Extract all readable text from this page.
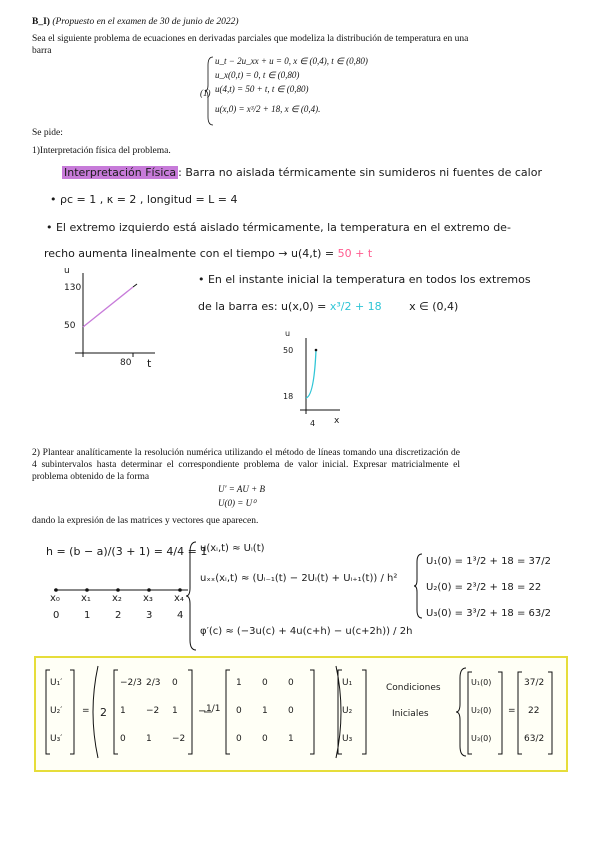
B_I) (Propuesto en el examen de 30 de junio de 2022)
Sea el siguiente problema de ecuaciones en derivadas parciales que modeliza la distribución de temperatura en una barra
(1)
u_t − 2u_xx + u = 0, x ∈ (0,4), t ∈ (0,80)
u_x(0,t) = 0, t ∈ (0,80)
u(4,t) = 50 + t, t ∈ (0,80)
u(x,0) = x³/2 + 18, x ∈ (0,4).
Se pide:
1)Interpretación física del problema.
Interpretación Física : Barra no aislada térmicamente sin sumideros ni fuentes de calor
• ρc = 1 , κ = 2 , longitud = L = 4
• El extremo izquierdo está aislado térmicamente, la temperatura en el extremo de-
recho aumenta linealmente con el tiempo → u(4,t) = 50 + t
u
130
50
80 t
• En el instante inicial la temperatura en todos los extremos
de la barra es: u(x,0) = x³/2 + 18	x ∈ (0,4)
u
50
18
4 x
2) Plantear analíticamente la resolución numérica utilizando el método de líneas tomando una discretización de 4 subintervalos hasta determinar el correspondiente problema de valor inicial. Expresar matricialmente el problema obtenido de la forma
U′ = AU + B
U(0) = U⁰
dando la expresión de las matrices y vectores que aparecen.
h = (b − a)/(3 + 1) = 4/4 = 1
x₀ x₁ x₂ x₃ x₄
0 1 2 3 4
u(xᵢ,t) ≈ Uᵢ(t)
uₓₓ(xᵢ,t) ≈ (Uᵢ₋₁(t) − 2Uᵢ(t) + Uᵢ₊₁(t)) / h²
φ′(c) ≈ (−3u(c) + 4u(c+h) − u(c+2h)) / 2h
U₁(0) = 1³/2 + 18 = 37/2
U₂(0) = 2³/2 + 18 = 22
U₃(0) = 3³/2 + 18 = 63/2
U₁′
U₂′
U₃′
= 2
−2/3 2/3 0
1 −2 1
0 1 −2
− 1/1
1 0 0
0 1 0
0 0 1
U₁
U₂
U₃
Condiciones
Iniciales
U₁(0)
U₂(0)
U₃(0)
=
37/2
22
63/2
